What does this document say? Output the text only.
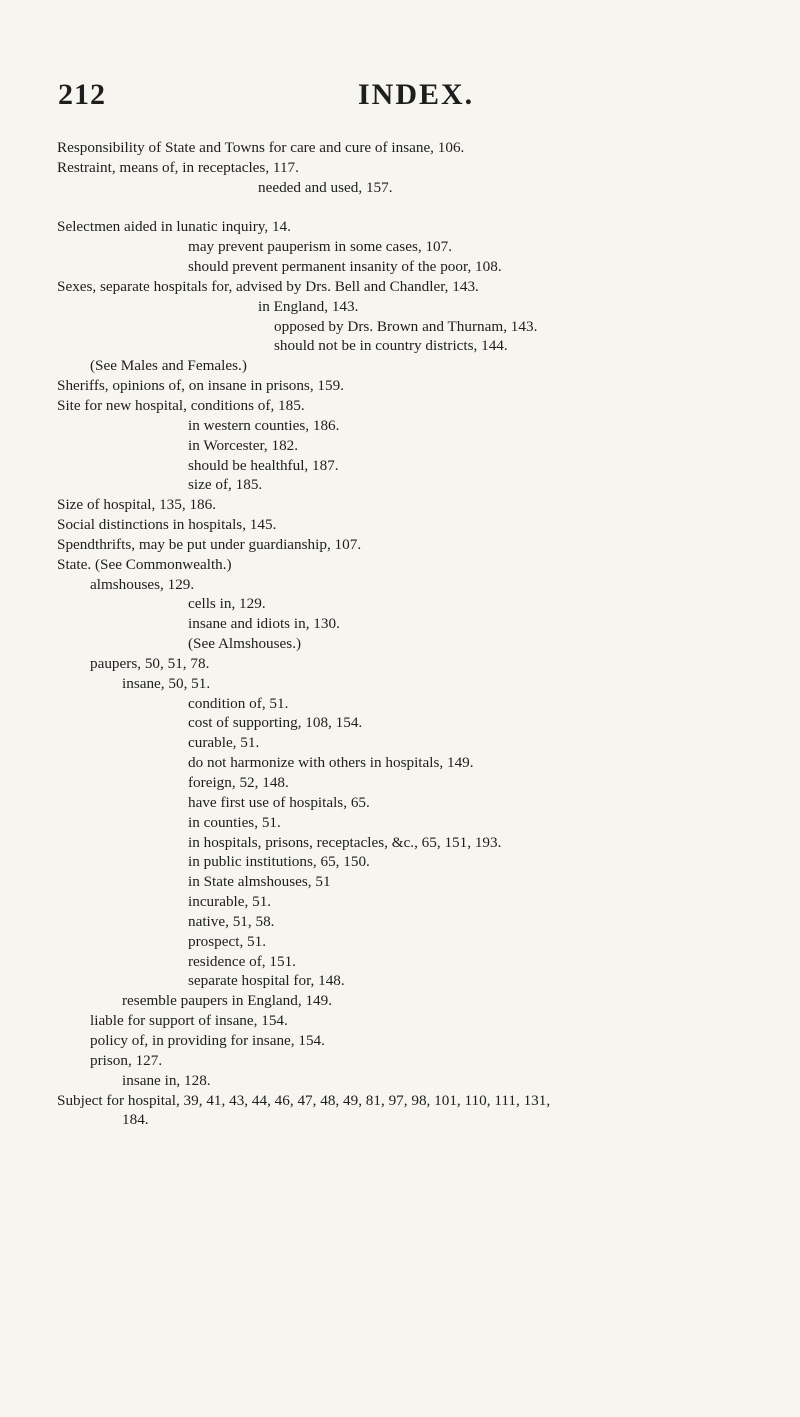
212	INDEX.
Responsibility of State and Towns for care and cure of insane, 106.
Restraint, means of, in receptacles, 117.
needed and used, 157.
Selectmen aided in lunatic inquiry, 14.
may prevent pauperism in some cases, 107.
should prevent permanent insanity of the poor, 108.
Sexes, separate hospitals for, advised by Drs. Bell and Chandler, 143.
in England, 143.
opposed by Drs. Brown and Thurnam, 143.
should not be in country districts, 144.
(See Males and Females.)
Sheriffs, opinions of, on insane in prisons, 159.
Site for new hospital, conditions of, 185.
in western counties, 186.
in Worcester, 182.
should be healthful, 187.
size of, 185.
Size of hospital, 135, 186.
Social distinctions in hospitals, 145.
Spendthrifts, may be put under guardianship, 107.
State. (See Commonwealth.)
almshouses, 129.
cells in, 129.
insane and idiots in, 130.
(See Almshouses.)
paupers, 50, 51, 78.
insane, 50, 51.
condition of, 51.
cost of supporting, 108, 154.
curable, 51.
do not harmonize with others in hospitals, 149.
foreign, 52, 148.
have first use of hospitals, 65.
in counties, 51.
in hospitals, prisons, receptacles, &c., 65, 151, 193.
in public institutions, 65, 150.
in State almshouses, 51
incurable, 51.
native, 51, 58.
prospect, 51.
residence of, 151.
separate hospital for, 148.
resemble paupers in England, 149.
liable for support of insane, 154.
policy of, in providing for insane, 154.
prison, 127.
insane in, 128.
Subject for hospital, 39, 41, 43, 44, 46, 47, 48, 49, 81, 97, 98, 101, 110, 111, 131,
184.
